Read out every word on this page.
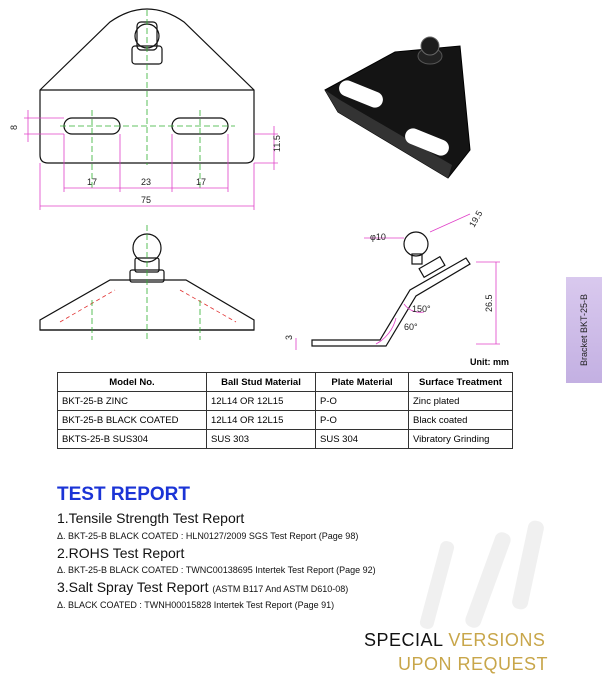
8
11.5
17	23	17
75
φ10
19.5
26.5
3
150°
60°	Bracket BKT-25-B
Unit: mm
Model No.	Ball Stud Material	Plate Material	Surface Treatment
BKT-25-B ZINC	12L14 OR 12L15	P-O	Zinc plated
BKT-25-B BLACK COATED	12L14 OR 12L15	P-O	Black coated
BKTS-25-B SUS304	SUS 303	SUS 304	Vibratory Grinding
TEST REPORT
1.Tensile Strength Test Report
Δ. BKT-25-B BLACK COATED : HLN0127/2009 SGS Test Report (Page 98)
2.ROHS Test Report
Δ. BKT-25-B BLACK COATED : TWNC00138695 Intertek Test Report (Page 92)
3.Salt Spray Test Report (ASTM B117 And ASTM D610-08)
Δ. BLACK COATED : TWNH00015828 Intertek Test Report (Page 91)
SPECIAL VERSIONS
UPON REQUEST
